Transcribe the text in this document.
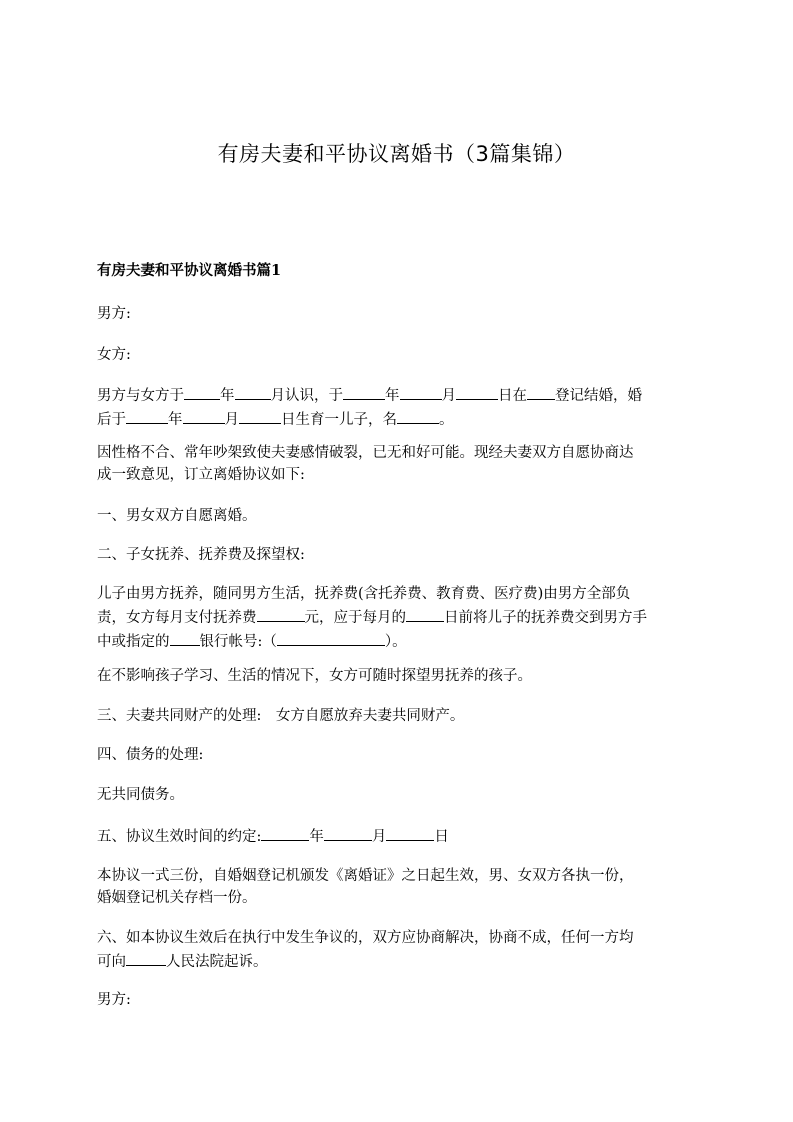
有房夫妻和平协议离婚书（3篇集锦）
有房夫妻和平协议离婚书篇1

男方:

女方:

男方与女方于 年 月认识，于	年	月	日在 登记结婚，婚
后于	年	月	日生育一儿子，名	。

因性格不合、常年吵架致使夫妻感情破裂，已无和好可能。现经夫妻双方自愿协商达
成一致意见，订立离婚协议如下:

一、男女双方自愿离婚。

二、子女抚养、抚养费及探望权:

儿子由男方抚养，随同男方生活，抚养费(含托养费、教育费、医疗费)由男方全部负
责，女方每月支付抚养费	元，应于每月的	日前将儿子的抚养费交到男方手
中或指定的 银行帐号:（	）。

在不影响孩子学习、生活的情况下，女方可随时探望男抚养的孩子。

三、夫妻共同财产的处理:　女方自愿放弃夫妻共同财产。

四、债务的处理:

无共同债务。

五、协议生效时间的约定:	年	月	日

本协议一式三份，自婚姻登记机颁发《离婚证》之日起生效，男、女双方各执一份，
婚姻登记机关存档一份。

六、如本协议生效后在执行中发生争议的，双方应协商解决，协商不成，任何一方均
可向	人民法院起诉。

男方:
